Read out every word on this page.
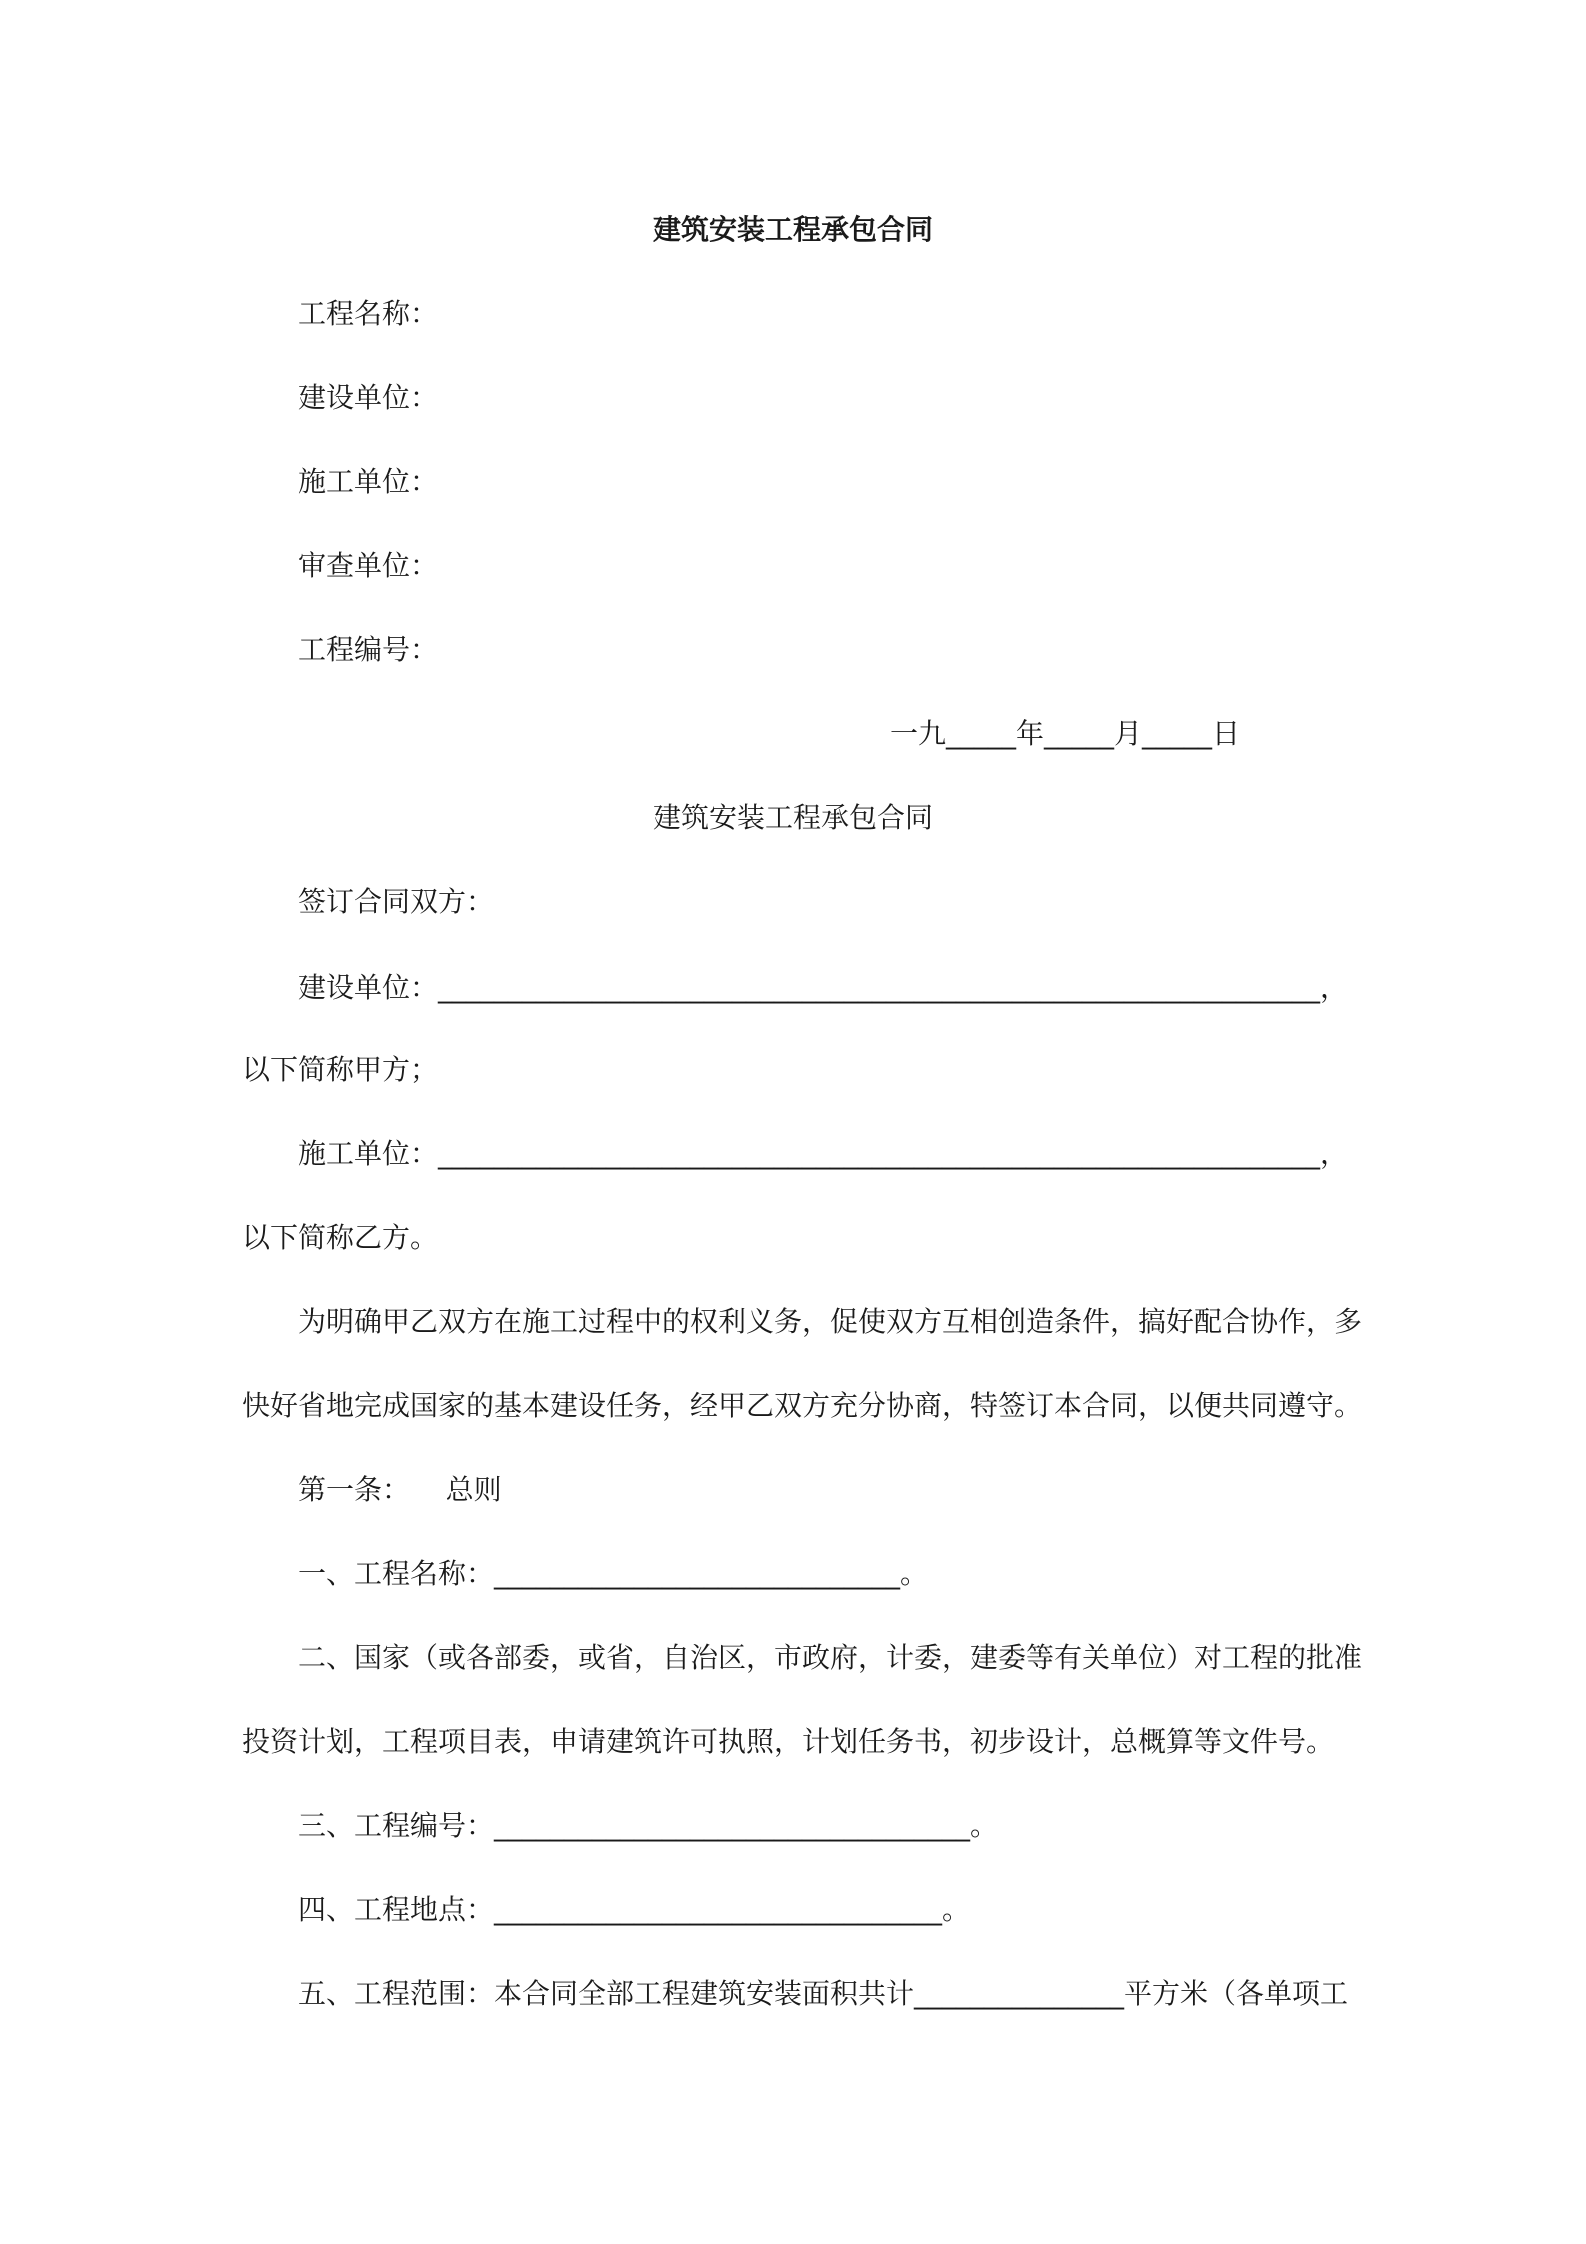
建筑安装工程承包合同
工程名称：
建设单位：
施工单位：
审查单位：
工程编号：
一九_____年_____月_____日
建筑安装工程承包合同
签订合同双方：
建设单位：_______________________________________________________________，
以下简称甲方；
施工单位：_______________________________________________________________，
以下简称乙方。
为明确甲乙双方在施工过程中的权利义务，促使双方互相创造条件，搞好配合协作，多
快好省地完成国家的基本建设任务，经甲乙双方充分协商，特签订本合同，以便共同遵守。
第一条：    总则
一、工程名称：_____________________________。
二、国家（或各部委，或省，自治区，市政府，计委，建委等有关单位）对工程的批准
投资计划，工程项目表，申请建筑许可执照，计划任务书，初步设计，总概算等文件号。
三、工程编号：__________________________________。
四、工程地点：________________________________。
五、工程范围：本合同全部工程建筑安装面积共计_______________平方米（各单项工
